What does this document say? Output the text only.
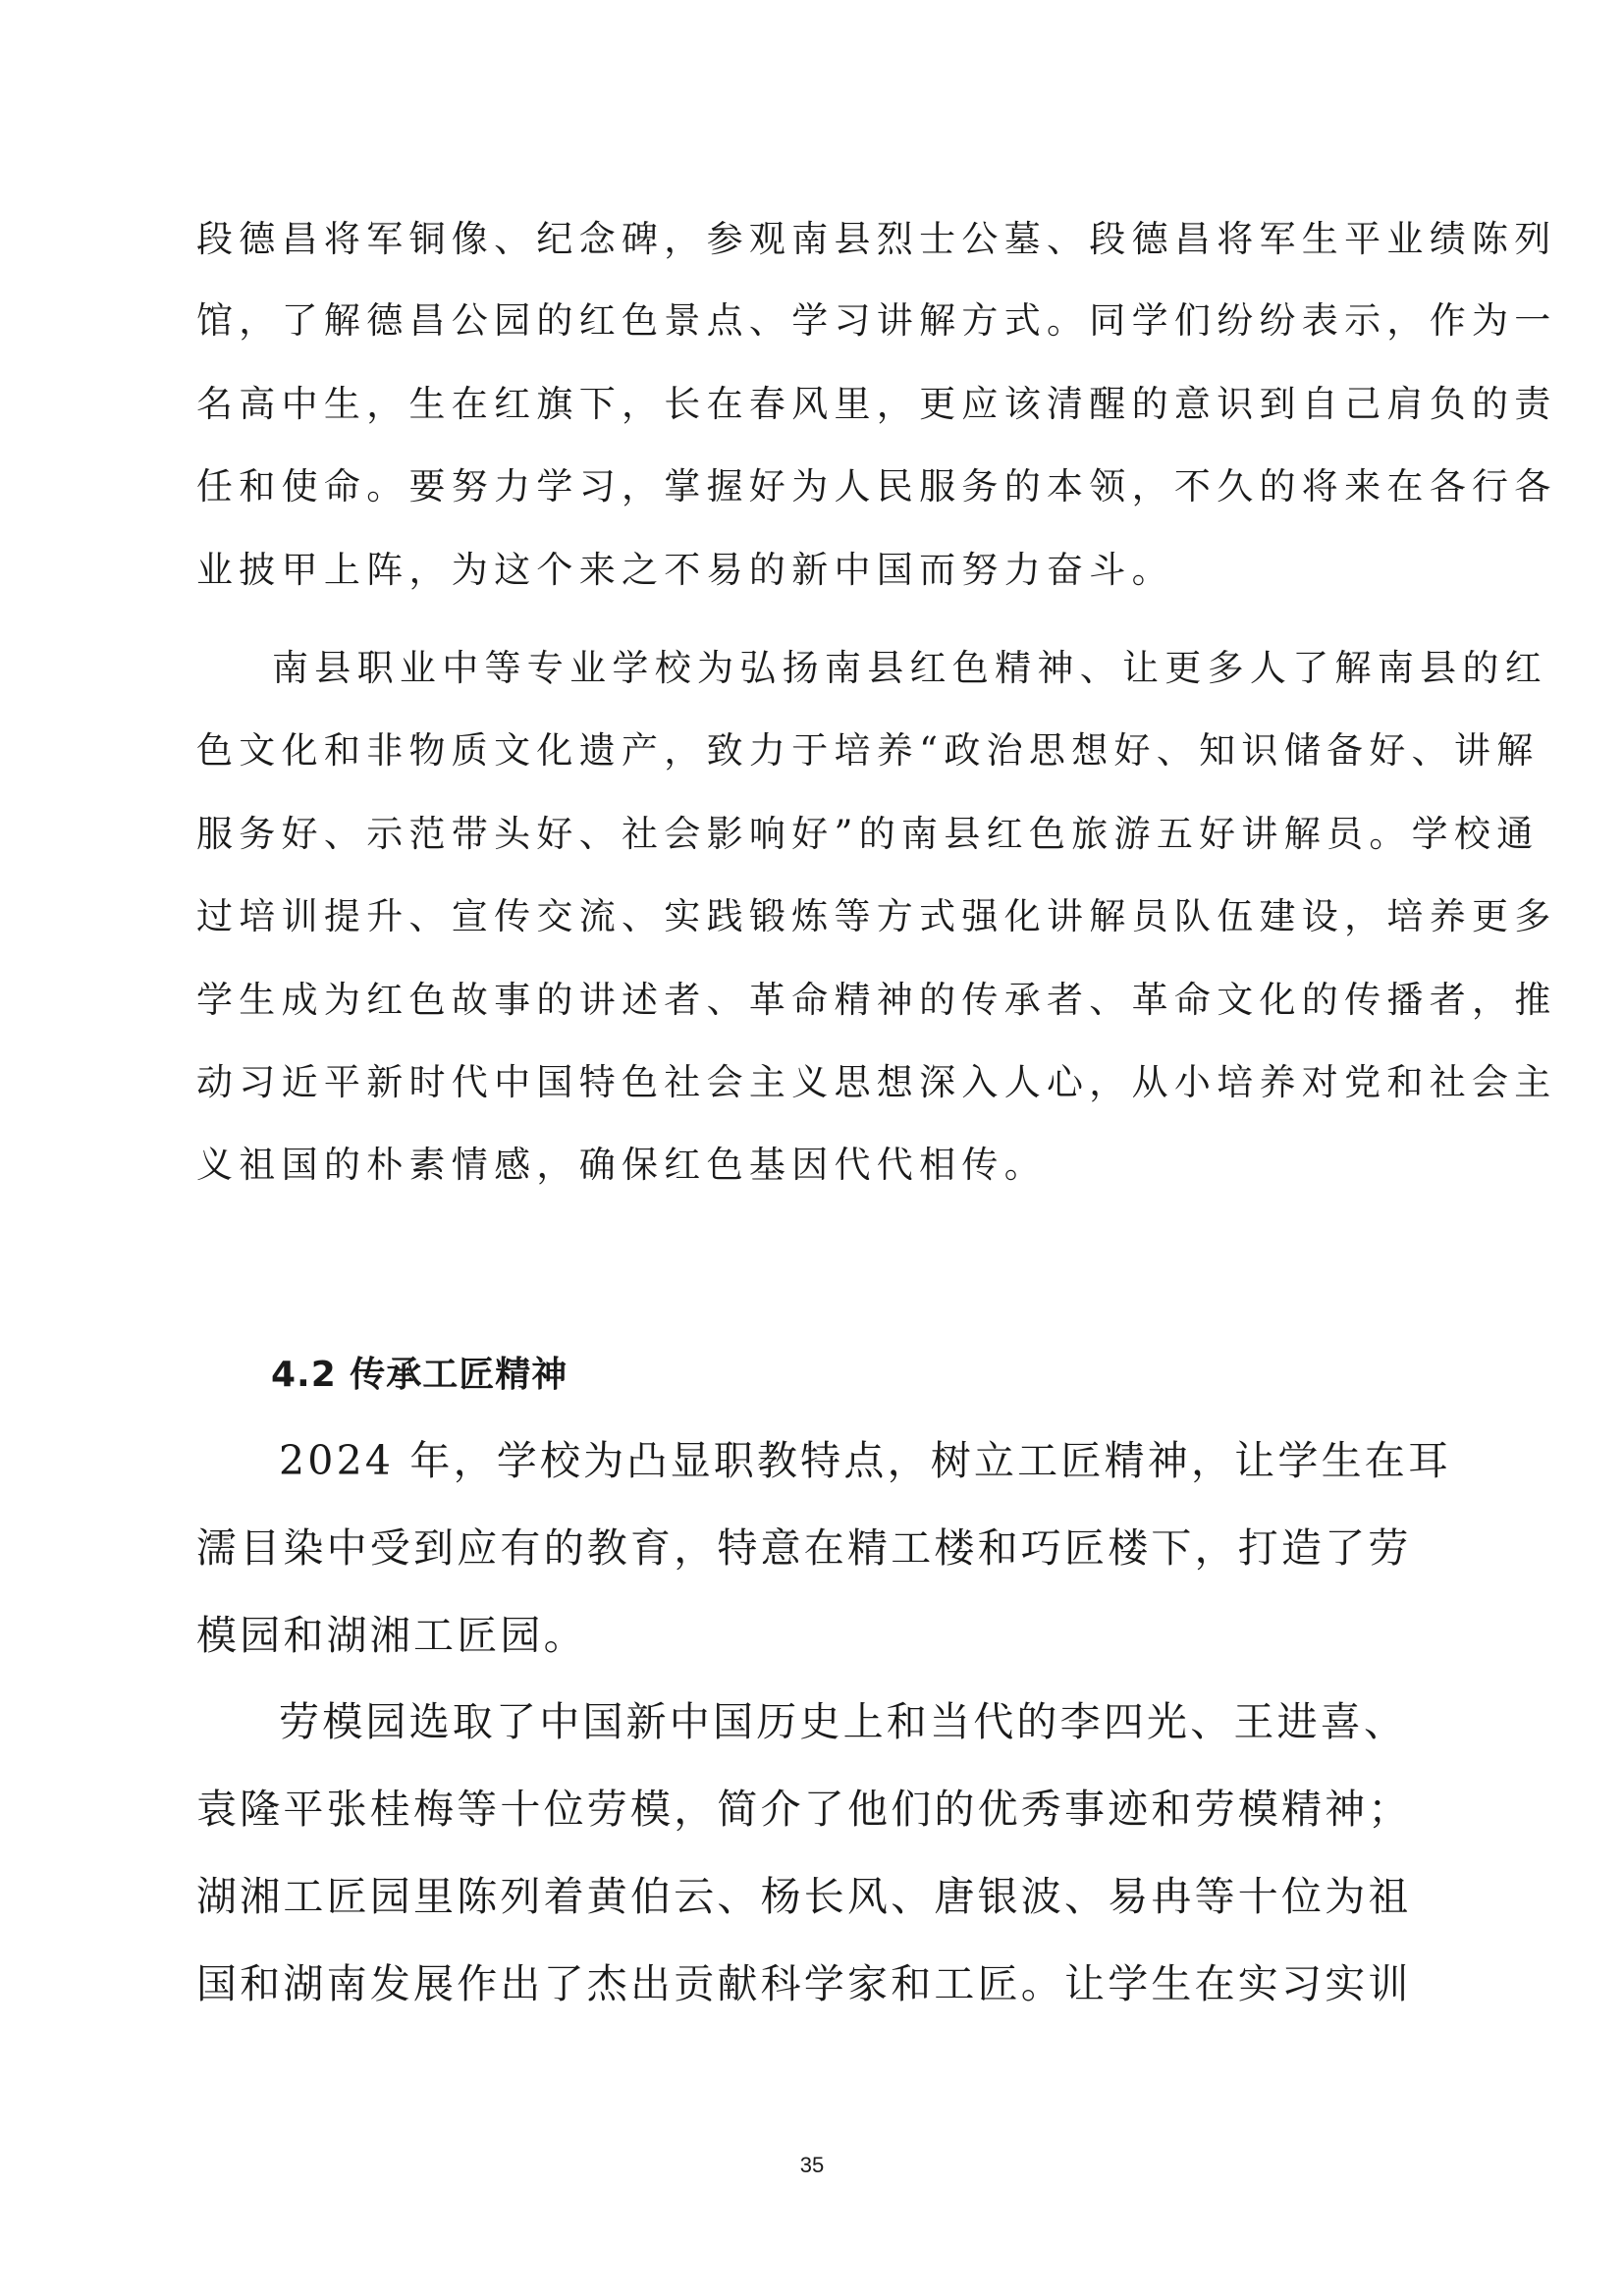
段德昌将军铜像、纪念碑，参观南县烈士公墓、段德昌将军生平业绩陈列
馆，了解德昌公园的红色景点、学习讲解方式。同学们纷纷表示，作为一
名高中生，生在红旗下，长在春风里，更应该清醒的意识到自己肩负的责
任和使命。要努力学习，掌握好为人民服务的本领，不久的将来在各行各
业披甲上阵，为这个来之不易的新中国而努力奋斗。
南县职业中等专业学校为弘扬南县红色精神、让更多人了解南县的红
色文化和非物质文化遗产，致力于培养“政治思想好、知识储备好、讲解
服务好、示范带头好、社会影响好”的南县红色旅游五好讲解员。学校通
过培训提升、宣传交流、实践锻炼等方式强化讲解员队伍建设，培养更多
学生成为红色故事的讲述者、革命精神的传承者、革命文化的传播者，推
动习近平新时代中国特色社会主义思想深入人心，从小培养对党和社会主
义祖国的朴素情感，确保红色基因代代相传。
4.2 传承工匠精神
2024 年，学校为凸显职教特点，树立工匠精神，让学生在耳
濡目染中受到应有的教育，特意在精工楼和巧匠楼下，打造了劳
模园和湖湘工匠园。
劳模园选取了中国新中国历史上和当代的李四光、王进喜、
袁隆平张桂梅等十位劳模，简介了他们的优秀事迹和劳模精神；
湖湘工匠园里陈列着黄伯云、杨长风、唐银波、易冉等十位为祖
国和湖南发展作出了杰出贡献科学家和工匠。让学生在实习实训
35
